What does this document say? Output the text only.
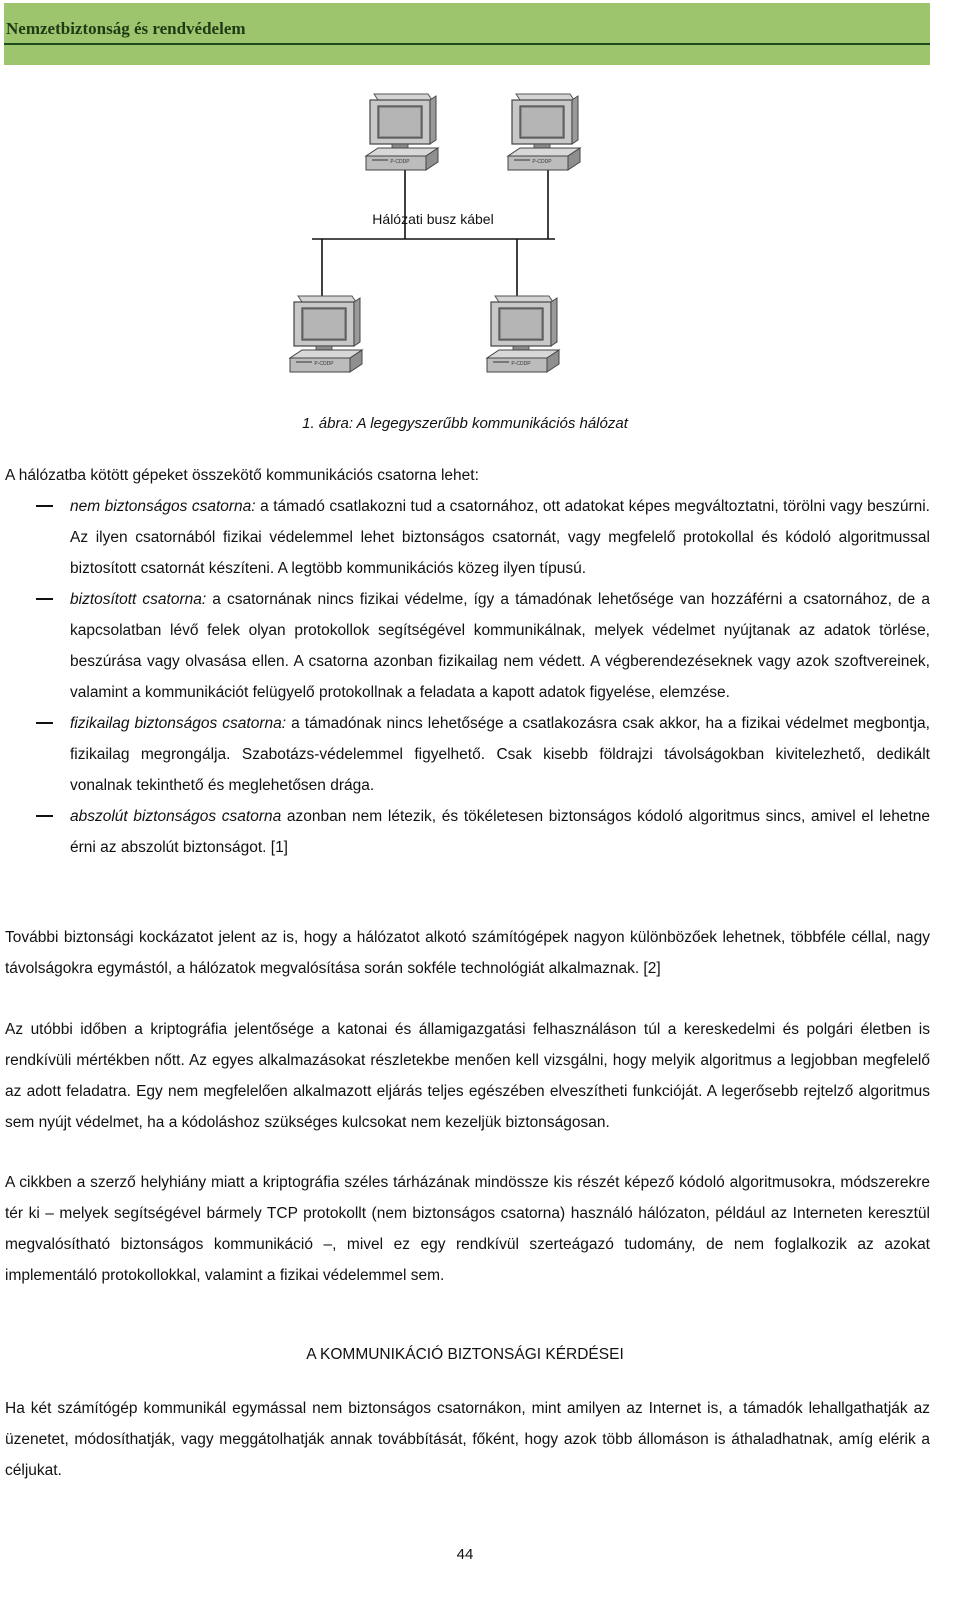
Nemzetbiztonság és rendvédelem
Hálózati busz kábel
P-CDDP	P-CDDP
P-CDDP	P-CDDP
1. ábra: A legegyszerűbb kommunikációs hálózat
A hálózatba kötött gépeket összekötő kommunikációs csatorna lehet:
nem biztonságos csatorna: a támadó csatlakozni tud a csatornához, ott adatokat képes megváltoztatni, törölni vagy beszúrni. Az ilyen csatornából fizikai védelemmel lehet biztonságos csatornát, vagy megfelelő protokollal és kódoló algoritmussal biztosított csatornát készíteni. A legtöbb kommunikációs közeg ilyen típusú.
biztosított csatorna: a csatornának nincs fizikai védelme, így a támadónak lehetősége van hozzáférni a csatornához, de a kapcsolatban lévő felek olyan protokollok segítségével kommunikálnak, melyek védelmet nyújtanak az adatok törlése, beszúrása vagy olvasása ellen. A csatorna azonban fizikailag nem védett. A végberendezéseknek vagy azok szoftvereinek, valamint a kommunikációt felügyelő protokollnak a feladata a kapott adatok figyelése, elemzése.
fizikailag biztonságos csatorna: a támadónak nincs lehetősége a csatlakozásra csak akkor, ha a fizikai védelmet megbontja, fizikailag megrongálja. Szabotázs-védelemmel figyelhető. Csak kisebb földrajzi távolságokban kivitelezhető, dedikált vonalnak tekinthető és meglehetősen drága.
abszolút biztonságos csatorna azonban nem létezik, és tökéletesen biztonságos kódoló algoritmus sincs, amivel el lehetne érni az abszolút biztonságot. [1]
További biztonsági kockázatot jelent az is, hogy a hálózatot alkotó számítógépek nagyon különbözőek lehetnek, többféle céllal, nagy távolságokra egymástól, a hálózatok megvalósítása során sokféle technológiát alkalmaznak. [2]
Az utóbbi időben a kriptográfia jelentősége a katonai és államigazgatási felhasználáson túl a kereskedelmi és polgári életben is rendkívüli mértékben nőtt. Az egyes alkalmazásokat részletekbe menően kell vizsgálni, hogy melyik algoritmus a legjobban megfelelő az adott feladatra. Egy nem megfelelően alkalmazott eljárás teljes egészében elveszítheti funkcióját. A legerősebb rejtelző algoritmus sem nyújt védelmet, ha a kódoláshoz szükséges kulcsokat nem kezeljük biztonságosan.
A cikkben a szerző helyhiány miatt a kriptográfia széles tárházának mindössze kis részét képező kódoló algoritmusokra, módszerekre tér ki – melyek segítségével bármely TCP protokollt (nem biztonságos csatorna) használó hálózaton, például az Interneten keresztül megvalósítható biztonságos kommunikáció –, mivel ez egy rendkívül szerteágazó tudomány, de nem foglalkozik az azokat implementáló protokollokkal, valamint a fizikai védelemmel sem.
A KOMMUNIKÁCIÓ BIZTONSÁGI KÉRDÉSEI
Ha két számítógép kommunikál egymással nem biztonságos csatornákon, mint amilyen az Internet is, a támadók lehallgathatják az üzenetet, módosíthatják, vagy meggátolhatják annak továbbítását, főként, hogy azok több állomáson is áthaladhatnak, amíg elérik a céljukat.
44
